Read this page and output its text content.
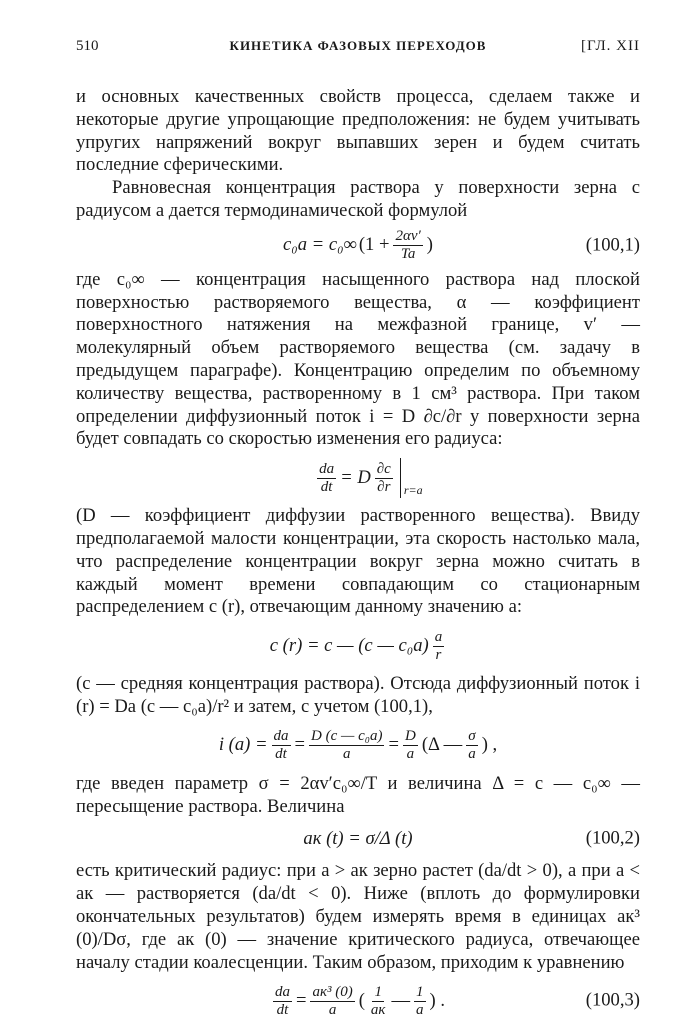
510	КИНЕТИКА ФАЗОВЫХ ПЕРЕХОДОВ	[ГЛ. XII

и основных качественных свойств процесса, сделаем также и некоторые другие упрощающие предположения: не будем учитывать упругих напряжений вокруг выпавших зерен и будем считать последние сферическими.

Равновесная концентрация раствора у поверхности зерна с радиусом a дается термодинамической формулой

c₀a = c₀∞ ($1 + \frac{2\alpha v'}{Ta}$ )	(100,1)

где c₀∞ — концентрация насыщенного раствора над плоской поверхностью растворяемого вещества, α — коэффициент поверхностного натяжения на межфазной границе, v′ — молекулярный объем растворяемого вещества (см. задачу в предыдущем параграфе). Концентрацию определим по объемному количеству вещества, растворенному в 1 см³ раствора. При таком определении диффузионный поток i = D ∂c/∂r у поверхности зерна будет совпадать со скоростью изменения его радиуса:

$\frac{da}{dt} = D \frac{\partial c}{\partial r} r=a$

(D — коэффициент диффузии растворенного вещества). Ввиду предполагаемой малости концентрации, эта скорость настолько мала, что распределение концентрации вокруг зерна можно считать в каждый момент времени совпадающим со стационарным распределением c (r), отвечающим данному значению a:

c (r) = c — (c — $c_0a) \frac{a}{r}$

(c — средняя концентрация раствора). Отсюда диффузионный поток i (r) = Da (c — c₀a)/r² и затем, с учетом (100,1),

i $(a) = \frac{da}{dt} = \frac{\text{D (c — c₀a)}}{a} = \frac{D}{a} (\Delta$ — $\frac{\sigma}{a}$ ) ,

где введен параметр σ = 2αv′c₀∞/T и величина Δ = c — c₀∞ — пересыщение раствора. Величина

aк (t) = σ/Δ (t)	(100,2)

есть критический радиус: при a > aк зерно растет (da/dt > 0), а при a < aк — растворяется (da/dt < 0). Ниже (вплоть до формулировки окончательных результатов) будем измерять время в единицах aк³ (0)/Dσ, где aк (0) — значение критического радиуса, отвечающее началу стадии коалесценции. Таким образом, приходим к уравнению

$\frac{da}{dt} = \frac{\text{aк³ (0)}}{a}$ ( $\frac{1}{aк}$ — $\frac{1}{a}$ ) .	(100,3)
